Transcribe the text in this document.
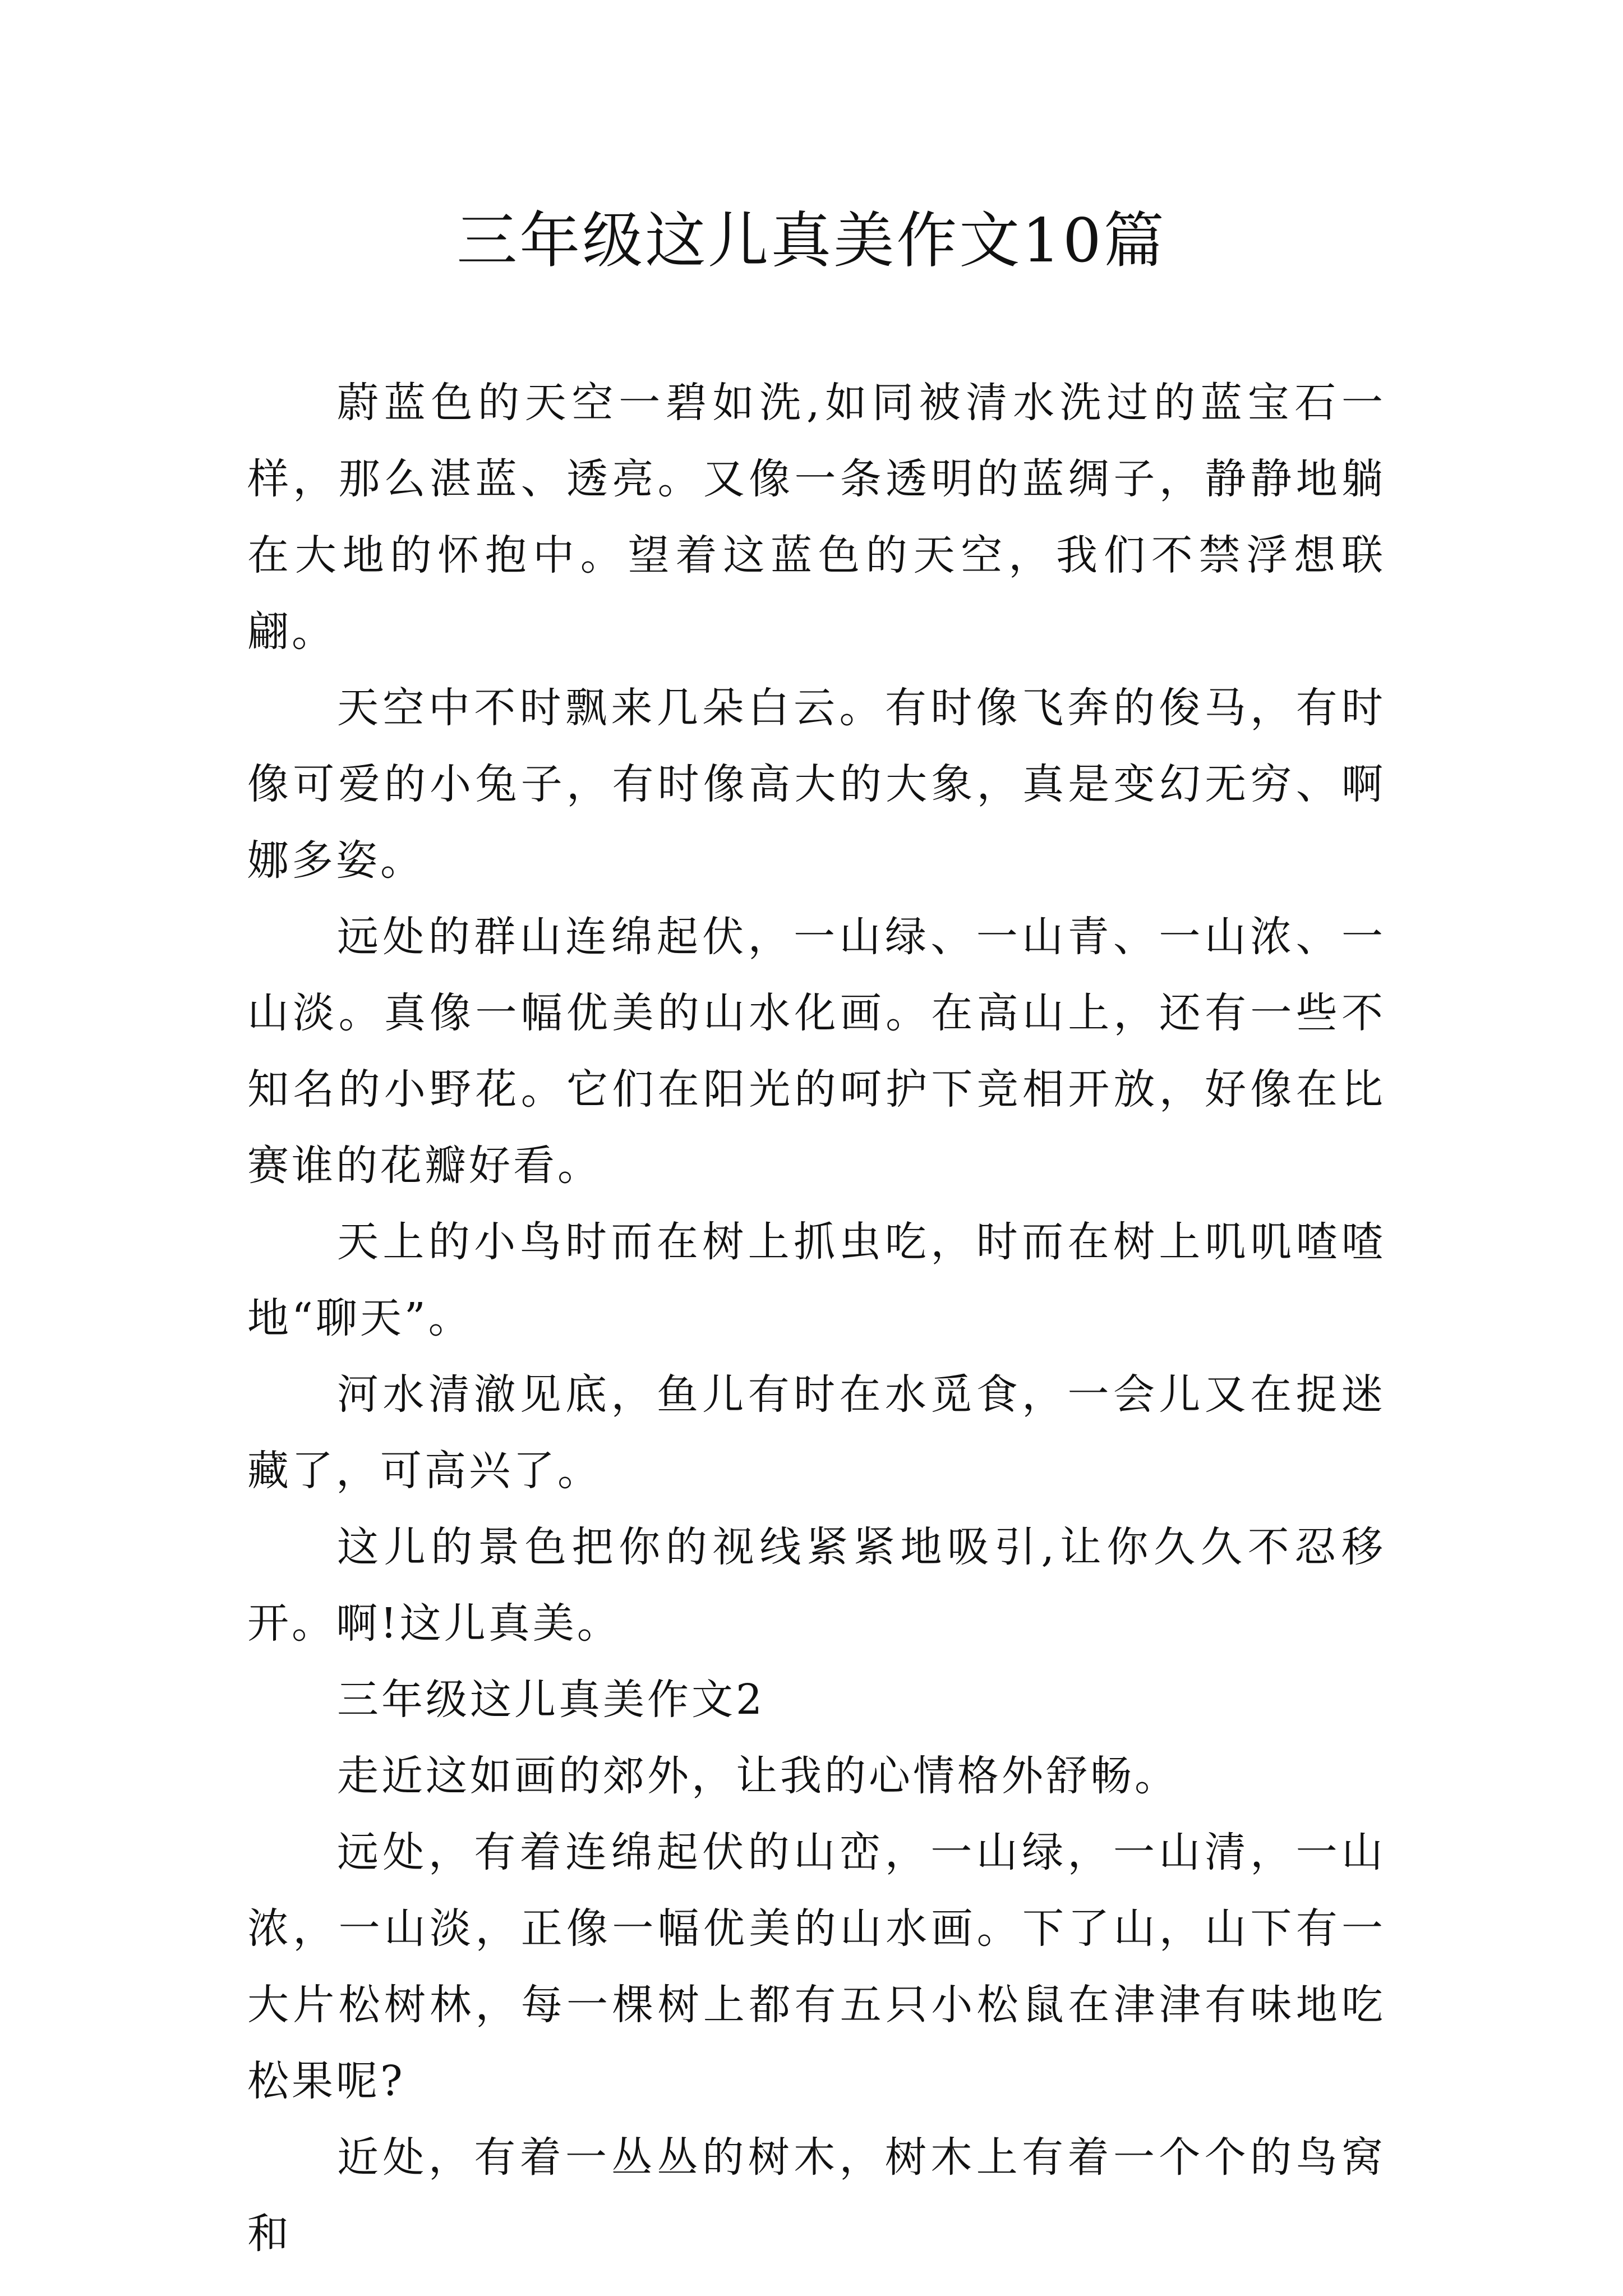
三年级这儿真美作文10篇

蔚蓝色的天空一碧如洗,如同被清水洗过的蓝宝石一样，那么湛蓝、透亮。又像一条透明的蓝绸子，静静地躺在大地的怀抱中。望着这蓝色的天空，我们不禁浮想联翩。

天空中不时飘来几朵白云。有时像飞奔的俊马，有时像可爱的小兔子，有时像高大的大象，真是变幻无穷、啊娜多姿。

远处的群山连绵起伏，一山绿、一山青、一山浓、一山淡。真像一幅优美的山水化画。在高山上，还有一些不知名的小野花。它们在阳光的呵护下竞相开放，好像在比赛谁的花瓣好看。

天上的小鸟时而在树上抓虫吃，时而在树上叽叽喳喳地“聊天”。

河水清澈见底，鱼儿有时在水觅食，一会儿又在捉迷藏了，可高兴了。

这儿的景色把你的视线紧紧地吸引,让你久久不忍移开。啊!这儿真美。

三年级这儿真美作文2

走近这如画的郊外，让我的心情格外舒畅。

远处，有着连绵起伏的山峦，一山绿，一山清，一山浓，一山淡，正像一幅优美的山水画。下了山，山下有一大片松树林，每一棵树上都有五只小松鼠在津津有味地吃松果呢?

近处，有着一丛丛的树木，树木上有着一个个的鸟窝和
